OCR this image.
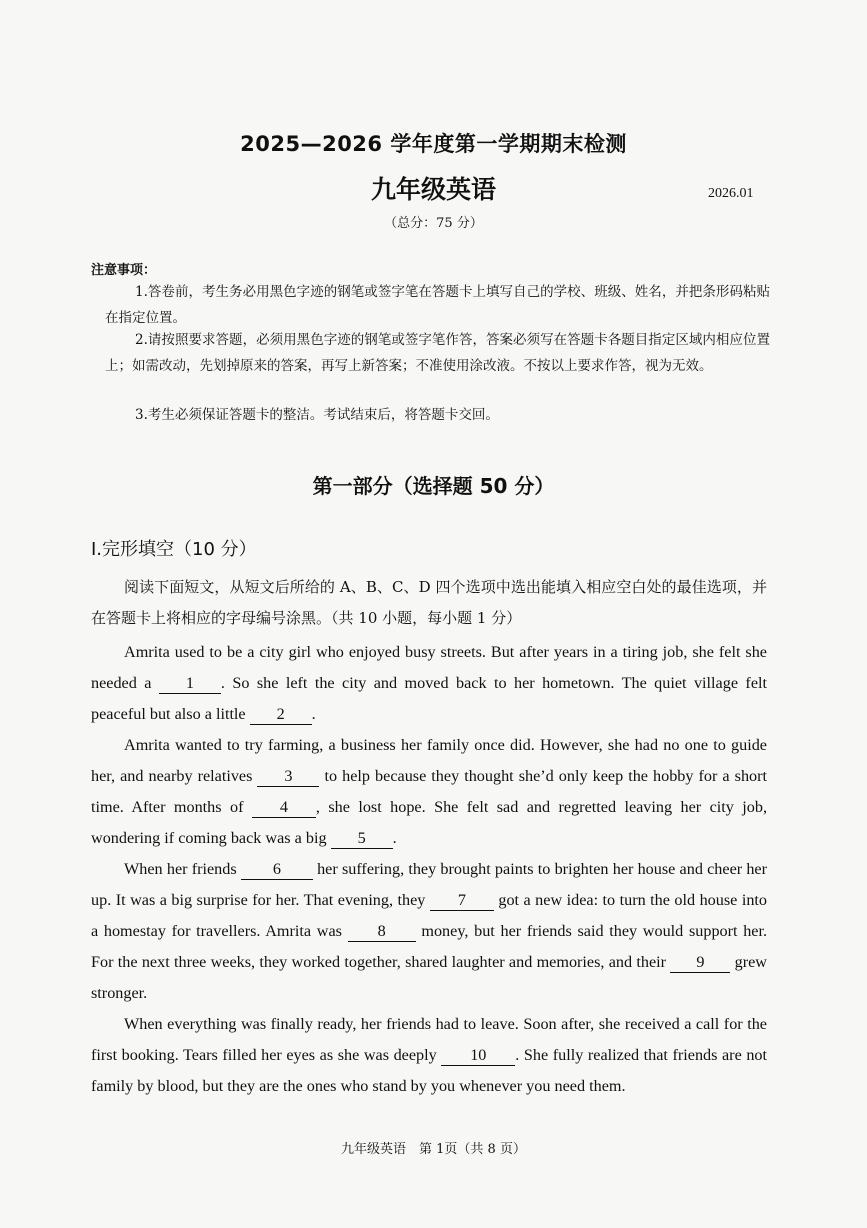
2025—2026 学年度第一学期期末检测
九年级英语	2026.01
（总分：75 分）
注意事项：
1.答卷前，考生务必用黑色字迹的钢笔或签字笔在答题卡上填写自己的学校、班级、姓名，并把条形码粘贴在指定位置。
2.请按照要求答题，必须用黑色字迹的钢笔或签字笔作答，答案必须写在答题卡各题目指定区域内相应位置上；如需改动，先划掉原来的答案，再写上新答案；不准使用涂改液。不按以上要求作答，视为无效。
3.考生必须保证答题卡的整洁。考试结束后，将答题卡交回。
第一部分（选择题 50 分）
Ⅰ.完形填空（10 分）
阅读下面短文，从短文后所给的 A、B、C、D 四个选项中选出能填入相应空白处的最佳选项，并在答题卡上将相应的字母编号涂黑。（共 10 小题，每小题 1 分）

Amrita used to be a city girl who enjoyed busy streets. But after years in a tiring job, she felt she needed a 1 . So she left the city and moved back to her hometown. The quiet village felt peaceful but also a little 2 .

Amrita wanted to try farming, a business her family once did. However, she had no one to guide her, and nearby relatives 3 to help because they thought she’d only keep the hobby for a short time. After months of 4 , she lost hope. She felt sad and regretted leaving her city job, wondering if coming back was a big 5 .

When her friends 6 her suffering, they brought paints to brighten her house and cheer her up. It was a big surprise for her. That evening, they 7 got a new idea: to turn the old house into a homestay for travellers. Amrita was 8 money, but her friends said they would support her. For the next three weeks, they worked together, shared laughter and memories, and their 9 grew stronger.

When everything was finally ready, her friends had to leave. Soon after, she received a call for the first booking. Tears filled her eyes as she was deeply 10 . She fully realized that friends are not family by blood, but they are the ones who stand by you whenever you need them.

九年级英语　第 1页（共 8 页）
